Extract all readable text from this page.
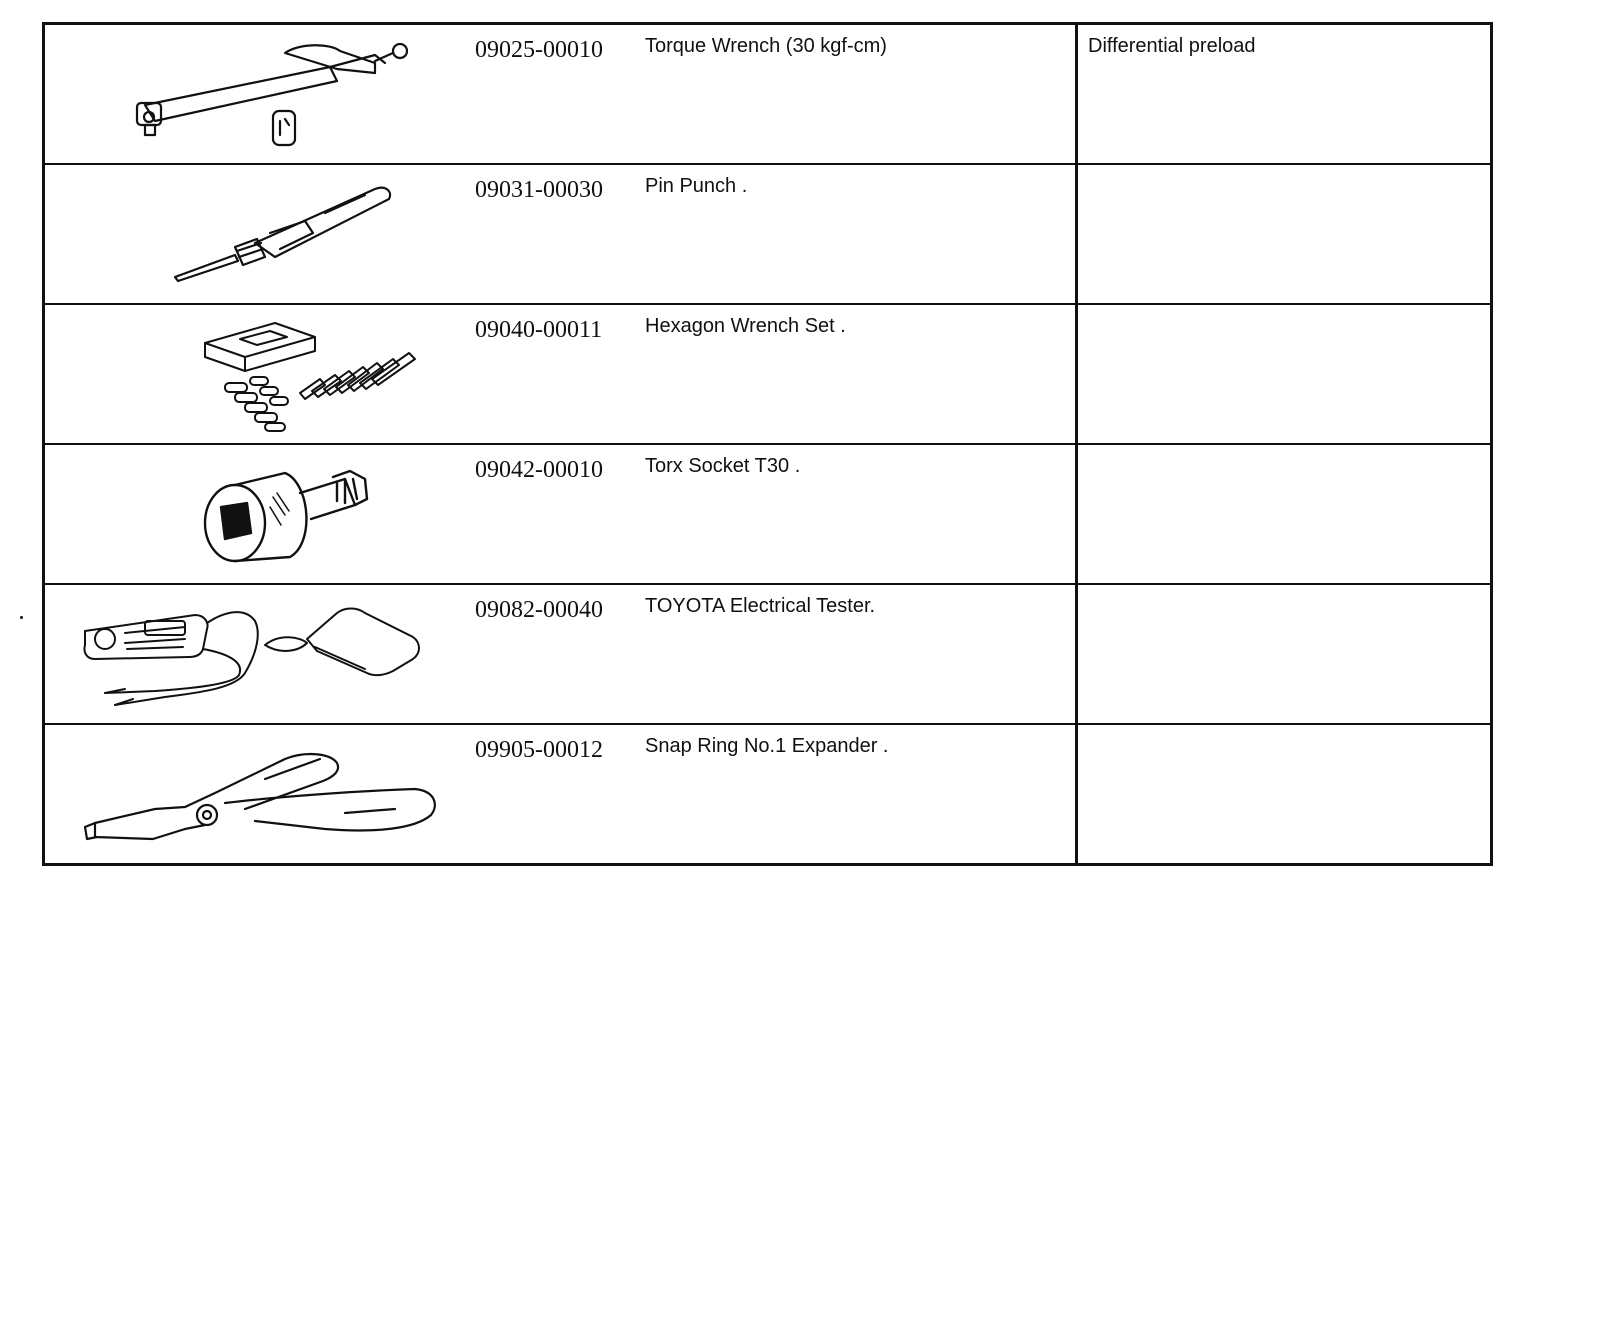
09025-00010 Torque Wrench (30 kgf-cm)	Differential preload

09031-00030 Pin Punch .	

09040-00011 Hexagon Wrench Set .	

09042-00010 Torx Socket T30 .	

09082-00040 TOYOTA Electrical Tester.	

09905-00012 Snap Ring No.1 Expander .	
